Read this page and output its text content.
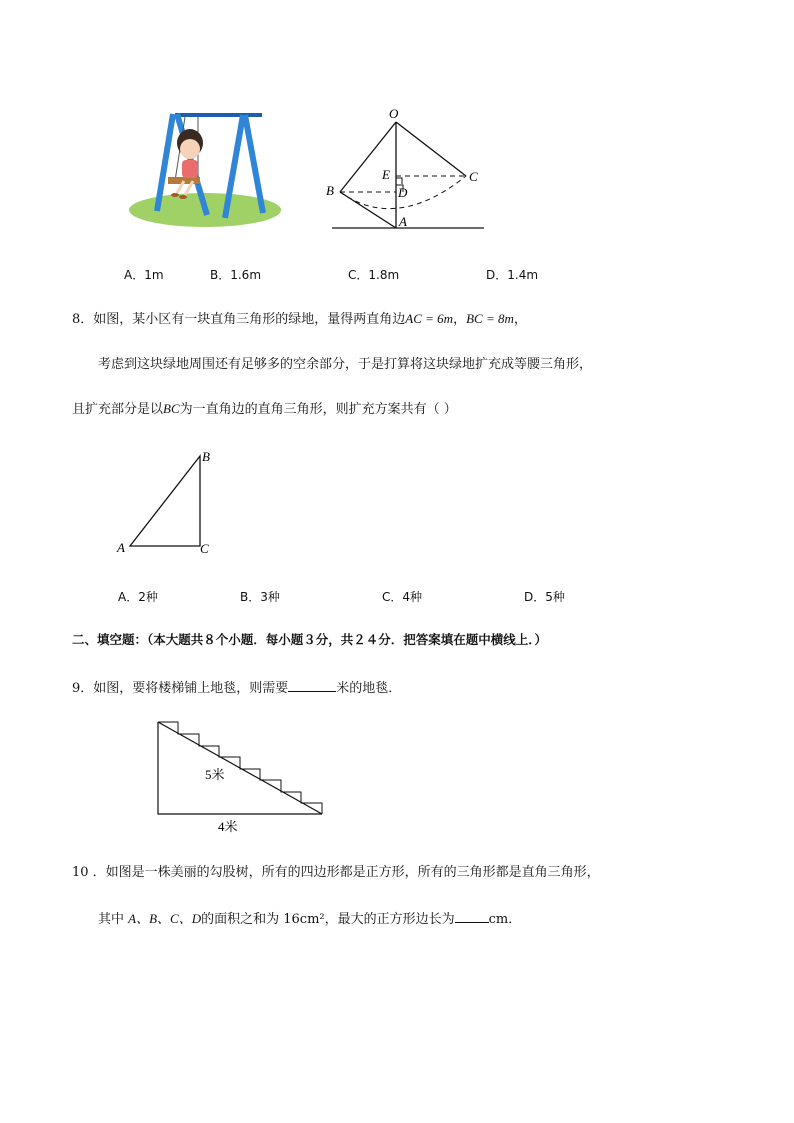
O
E	C
B	D
A
A．1m	B．1.6m	C．1.8m	D．1.4m
8．如图，某小区有一块直角三角形的绿地，量得两直角边AC = 6m，BC = 8m，
考虑到这块绿地周围还有足够多的空余部分，于是打算将这块绿地扩充成等腰三角形，
且扩充部分是以BC为一直角边的直角三角形，则扩充方案共有（ ）
B
A	C
A．2种	B．3种	C．4种	D．5种
二、填空题：（本大题共８个小题．每小题３分，共２４分．把答案填在题中横线上．）
9．如图，要将楼梯铺上地毯，则需要	米的地毯．
5米
4米
10 ．如图是一株美丽的勾股树，所有的四边形都是正方形，所有的三角形都是直角三角形，
其中 A、B、C、D的面积之和为 16cm²，最大的正方形边长为	cm．
